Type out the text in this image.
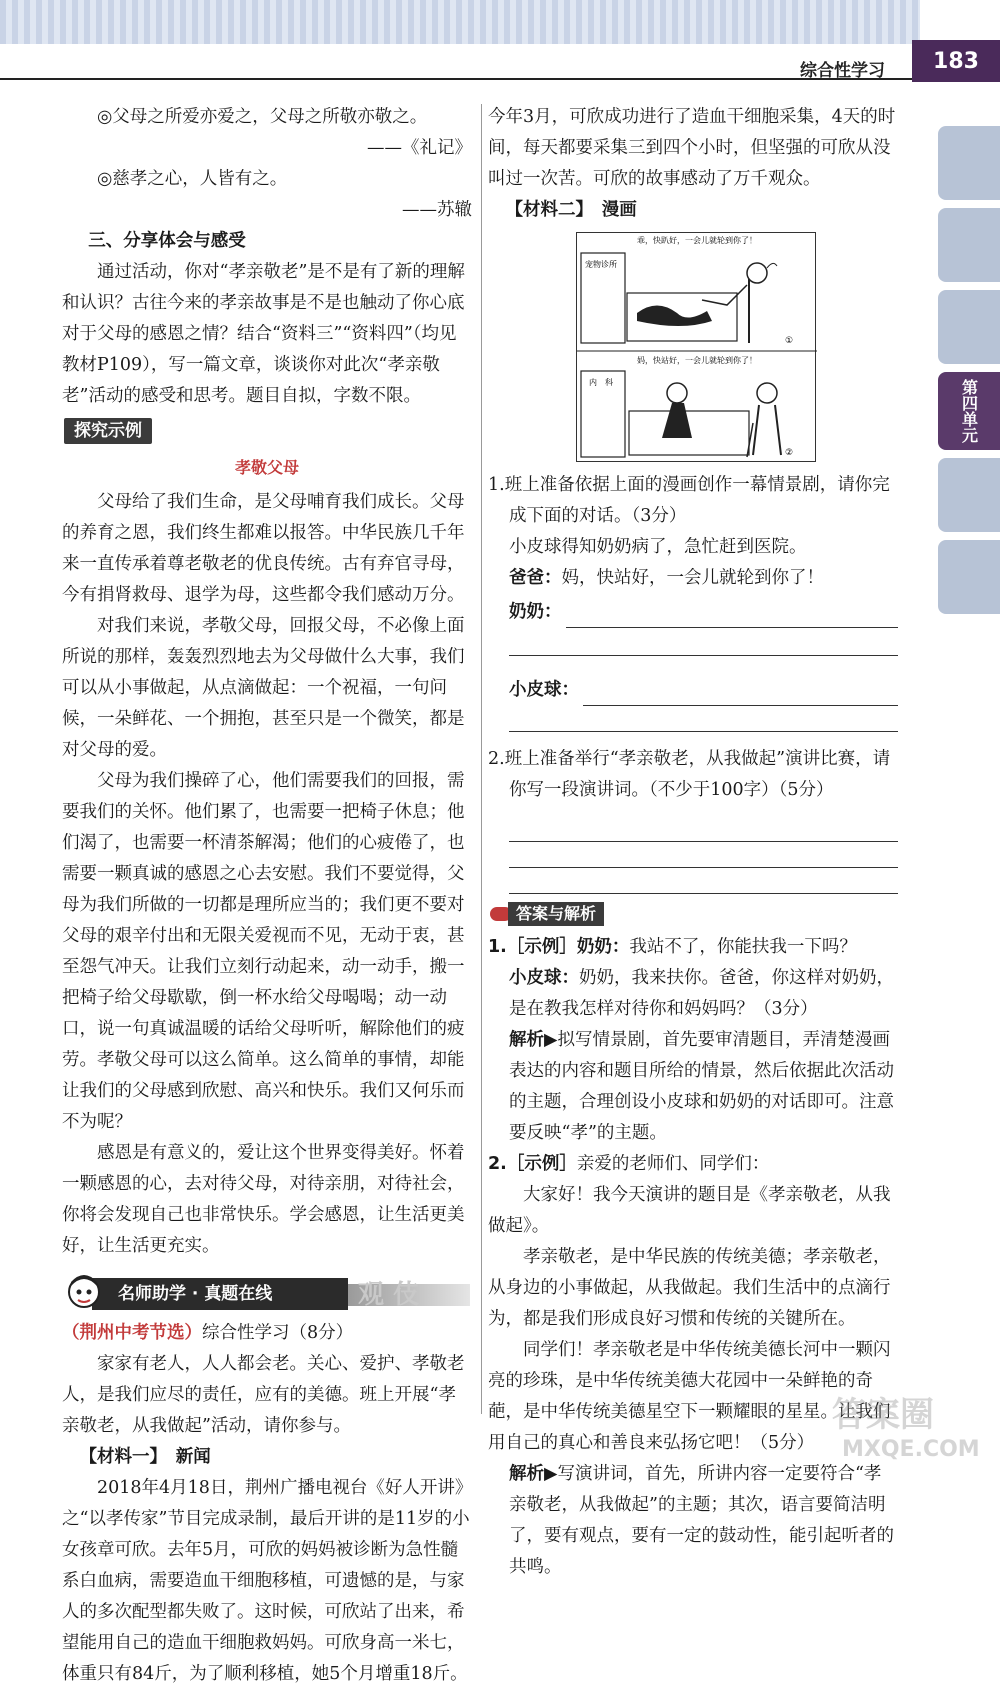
综合性学习	183
第四单元

◎父母之所爱亦爱之，父母之所敬亦敬之。

——《礼记》

◎慈孝之心，人皆有之。

——苏辙

三、分享体会与感受

通过活动，你对“孝亲敬老”是不是有了新的理解和认识？古往今来的孝亲故事是不是也触动了你心底对于父母的感恩之情？结合“资料三”“资料四”（均见教材P109），写一篇文章，谈谈你对此次“孝亲敬老”活动的感受和思考。题目自拟，字数不限。

探究示例

孝敬父母

父母给了我们生命，是父母哺育我们成长。父母的养育之恩，我们终生都难以报答。中华民族几千年来一直传承着尊老敬老的优良传统。古有弃官寻母，今有捐肾救母、退学为母，这些都令我们感动万分。

对我们来说，孝敬父母，回报父母，不必像上面所说的那样，轰轰烈烈地去为父母做什么大事，我们可以从小事做起，从点滴做起：一个祝福，一句问候，一朵鲜花、一个拥抱，甚至只是一个微笑，都是对父母的爱。

父母为我们操碎了心，他们需要我们的回报，需要我们的关怀。他们累了，也需要一把椅子休息；他们渴了，也需要一杯清茶解渴；他们的心疲倦了，也需要一颗真诚的感恩之心去安慰。我们不要觉得，父母为我们所做的一切都是理所应当的；我们更不要对父母的艰辛付出和无限关爱视而不见，无动于衷，甚至怨气冲天。让我们立刻行动起来，动一动手，搬一把椅子给父母歇歇，倒一杯水给父母喝喝；动一动口，说一句真诚温暖的话给父母听听，解除他们的疲劳。孝敬父母可以这么简单。这么简单的事情，却能让我们的父母感到欣慰、高兴和快乐。我们又何乐而不为呢？

感恩是有意义的，爱让这个世界变得美好。怀着一颗感恩的心，去对待父母，对待亲朋，对待社会，你将会发现自己也非常快乐。学会感恩，让生活更美好，让生活更充实。

名师助学 · 真题在线	观 伎

（荆州中考节选）综合性学习（8分）

家家有老人，人人都会老。关心、爱护、孝敬老人，是我们应尽的责任，应有的美德。班上开展“孝亲敬老，从我做起”活动，请你参与。

【材料一】　新闻

2018年4月18日，荆州广播电视台《好人开讲》之“以孝传家”节目完成录制，最后开讲的是11岁的小女孩章可欣。去年5月，可欣的妈妈被诊断为急性髓系白血病，需要造血干细胞移植，可遗憾的是，与家人的多次配型都失败了。这时候，可欣站了出来，希望能用自己的造血干细胞救妈妈。可欣身高一米七，体重只有84斤，为了顺利移植，她5个月增重18斤。

今年3月，可欣成功进行了造血干细胞采集，4天的时间，每天都要采集三到四个小时，但坚强的可欣从没叫过一次苦。可欣的故事感动了万千观众。

【材料二】　漫画

乖，快趴好，一会儿就轮到你了！
宠物诊所
①
妈，快站好，一会儿就轮到你了！
内　科
②

1.班上准备依据上面的漫画创作一幕情景剧，请你完成下面的对话。（3分）

小皮球得知奶奶病了，急忙赶到医院。

爸爸：妈，快站好，一会儿就轮到你了！

奶奶：
小皮球：

2.班上准备举行“孝亲敬老，从我做起”演讲比赛，请你写一段演讲词。（不少于100字）（5分）

答案与解析

1.［示例］奶奶：我站不了，你能扶我一下吗？

小皮球：奶奶，我来扶你。爸爸，你这样对奶奶，是在教我怎样对待你和妈妈吗？（3分）

解析▶拟写情景剧，首先要审清题目，弄清楚漫画表达的内容和题目所给的情景，然后依据此次活动的主题，合理创设小皮球和奶奶的对话即可。注意要反映“孝”的主题。

2.［示例］亲爱的老师们、同学们：

大家好！我今天演讲的题目是《孝亲敬老，从我做起》。

孝亲敬老，是中华民族的传统美德；孝亲敬老，从身边的小事做起，从我做起。我们生活中的点滴行为，都是我们形成良好习惯和传统的关键所在。

同学们！孝亲敬老是中华传统美德长河中一颗闪亮的珍珠，是中华传统美德大花园中一朵鲜艳的奇葩，是中华传统美德星空下一颗耀眼的星星。让我们用自己的真心和善良来弘扬它吧！（5分）

解析▶写演讲词，首先，所讲内容一定要符合“孝亲敬老，从我做起”的主题；其次，语言要简洁明了，要有观点，要有一定的鼓动性，能引起听者的共鸣。

答案圈
MXQE.COM
